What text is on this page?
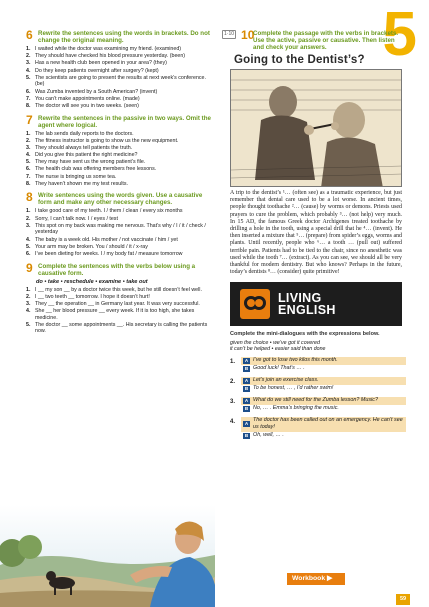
5
6 Rewrite the sentences using the words in brackets. Do not change the original meaning.
1. I waited while the doctor was examining my friend. (examined)
2. They should have checked his blood pressure yesterday. (been)
3. Has a new health club been opened in your area? (they)
4. Do they keep patients overnight after surgery? (kept)
5. The scientists are going to present the results at next week’s conference. (be)
6. Was Zumba invented by a South American? (invent)
7. You can’t make appointments online. (made)
8. The doctor will see you in two weeks. (seen)
7 Rewrite the sentences in the passive in two ways. Omit the agent where logical.
1. The lab sends daily reports to the doctors.
2. The fitness instructor is going to show us the new equipment.
3. They should always tell patients the truth.
4. Did you give this patient the right medicine?
5. They may have sent us the wrong patient’s file.
6. The health club was offering members free lessons.
7. The nurse is bringing us some tea.
8. They haven’t shown me my test results.
8 Write sentences using the words given. Use a causative form and make any other necessary changes.
1. I take good care of my teeth. I / them / clean / every six months
2. Sorry, I can’t talk now. I / eyes / test
3. This spot on my back was making me nervous. That’s why / I / it / check / yesterday
4. The baby is a week old. His mother / not vaccinate / him / yet
5. Your arm may be broken. You / should / it / x-ray
6. I’ve been dieting for weeks. I / my body fat / measure tomorrow
9 Complete the sentences with the verbs below using a causative form.
do • take • reschedule • examine • take out
1. I __ my son __ by a doctor twice this week, but he still doesn’t feel well.
2. I __ two teeth __ tomorrow. I hope it doesn’t hurt!
3. They __ the operation __ in Germany last year. It was very successful.
4. She __ her blood pressure __ every week. If it is too high, she takes medicine.
5. The doctor __ some appointments __. His secretary is calling the patients now.
1·10 10
Complete the passage with the verbs in brackets. Use the active, passive or causative. Then listen and check your answers.
Going to the Dentist’s?
A trip to the dentist’s ¹… (often see) as a traumatic experience, but just remember that dental care used to be a lot worse. In ancient times, people thought toothache ²… (cause) by worms or demons. Priests used prayers to cure the problem, which probably ³… (not help) very much. In 15 AD, the famous Greek doctor Archigenes treated toothache by drilling a hole in the tooth, using a special drill that he ⁴… (invent). He then inserted a mixture that ⁵… (prepare) from spider’s eggs, worms and plants. Until recently, people who ⁶… a tooth … (pull out) suffered terrible pain. Patients had to be tied to the chair, since no anesthetic was used while the tooth ⁷… (extract). As you can see, we should all be very thankful for modern dentistry. But who knows? Perhaps in the future, today’s dentists ⁸… (consider) quite primitive!
LIVING
ENGLISH
Complete the mini-dialogues with the expressions below.
given the choice • we’ve got it covered
it can’t be helped • easier said than done
1.	A I’ve got to lose two kilos this month.
B Good luck! That’s … .
2.	A Let’s join an exercise class.
B To be honest, … , I’d rather swim!
3.	A What do we still need for the Zumba lesson? Music?
B No, … . Emma’s bringing the music.
4.	A
The doctor has been called out on an emergency. He can’t see us today!
B Oh, well, … .
Workbook ▶
59
